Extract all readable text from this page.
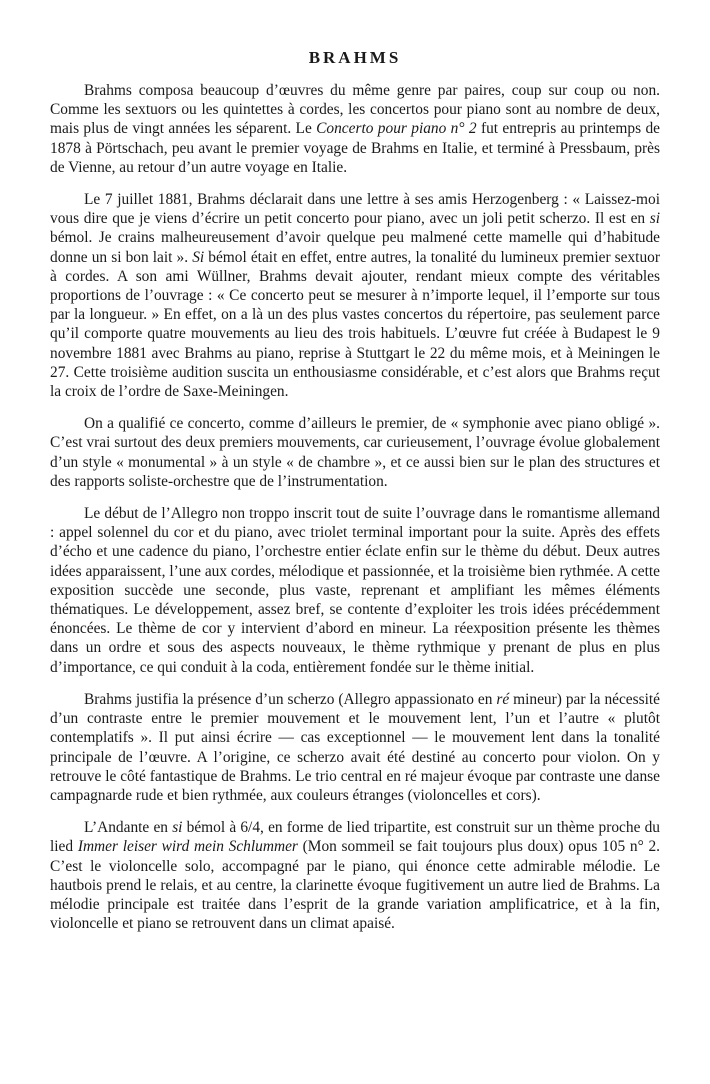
BRAHMS

Brahms composa beaucoup d’œuvres du même genre par paires, coup sur coup ou non. Comme les sextuors ou les quintettes à cordes, les concertos pour piano sont au nombre de deux, mais plus de vingt années les séparent. Le Concerto pour piano n° 2 fut entrepris au printemps de 1878 à Pörtschach, peu avant le premier voyage de Brahms en Italie, et terminé à Pressbaum, près de Vienne, au retour d’un autre voyage en Italie.

Le 7 juillet 1881, Brahms déclarait dans une lettre à ses amis Herzogenberg : « Laissez-moi vous dire que je viens d’écrire un petit concerto pour piano, avec un joli petit scherzo. Il est en si bémol. Je crains malheureusement d’avoir quelque peu malmené cette mamelle qui d’habitude donne un si bon lait ». Si bémol était en effet, entre autres, la tonalité du lumineux premier sextuor à cordes. A son ami Wüllner, Brahms devait ajouter, rendant mieux compte des véritables proportions de l’ouvrage : « Ce concerto peut se mesurer à n’importe lequel, il l’emporte sur tous par la longueur. » En effet, on a là un des plus vastes concertos du répertoire, pas seulement parce qu’il comporte quatre mouvements au lieu des trois habituels. L’œuvre fut créée à Budapest le 9 novembre 1881 avec Brahms au piano, reprise à Stuttgart le 22 du même mois, et à Meiningen le 27. Cette troisième audition suscita un enthousiasme considérable, et c’est alors que Brahms reçut la croix de l’ordre de Saxe-Meiningen.

On a qualifié ce concerto, comme d’ailleurs le premier, de « symphonie avec piano obligé ». C’est vrai surtout des deux premiers mouvements, car curieusement, l’ouvrage évolue globalement d’un style « monumental » à un style « de chambre », et ce aussi bien sur le plan des structures et des rapports soliste-orchestre que de l’instrumentation.

Le début de l’Allegro non troppo inscrit tout de suite l’ouvrage dans le romantisme allemand : appel solennel du cor et du piano, avec triolet terminal important pour la suite. Après des effets d’écho et une cadence du piano, l’orchestre entier éclate enfin sur le thème du début. Deux autres idées apparaissent, l’une aux cordes, mélodique et passionnée, et la troisième bien rythmée. A cette exposition succède une seconde, plus vaste, reprenant et amplifiant les mêmes éléments thématiques. Le développement, assez bref, se contente d’exploiter les trois idées précédemment énoncées. Le thème de cor y intervient d’abord en mineur. La réexposition présente les thèmes dans un ordre et sous des aspects nouveaux, le thème rythmique y prenant de plus en plus d’importance, ce qui conduit à la coda, entièrement fondée sur le thème initial.

Brahms justifia la présence d’un scherzo (Allegro appassionato en ré mineur) par la nécessité d’un contraste entre le premier mouvement et le mouvement lent, l’un et l’autre « plutôt contemplatifs ». Il put ainsi écrire — cas exceptionnel — le mouvement lent dans la tonalité principale de l’œuvre. A l’origine, ce scherzo avait été destiné au concerto pour violon. On y retrouve le côté fantastique de Brahms. Le trio central en ré majeur évoque par contraste une danse campagnarde rude et bien rythmée, aux couleurs étranges (violoncelles et cors).

L’Andante en si bémol à 6/4, en forme de lied tripartite, est construit sur un thème proche du lied Immer leiser wird mein Schlummer (Mon sommeil se fait toujours plus doux) opus 105 n° 2. C’est le violoncelle solo, accompagné par le piano, qui énonce cette admirable mélodie. Le hautbois prend le relais, et au centre, la clarinette évoque fugitivement un autre lied de Brahms. La mélodie principale est traitée dans l’esprit de la grande variation amplificatrice, et à la fin, violoncelle et piano se retrouvent dans un climat apaisé.
